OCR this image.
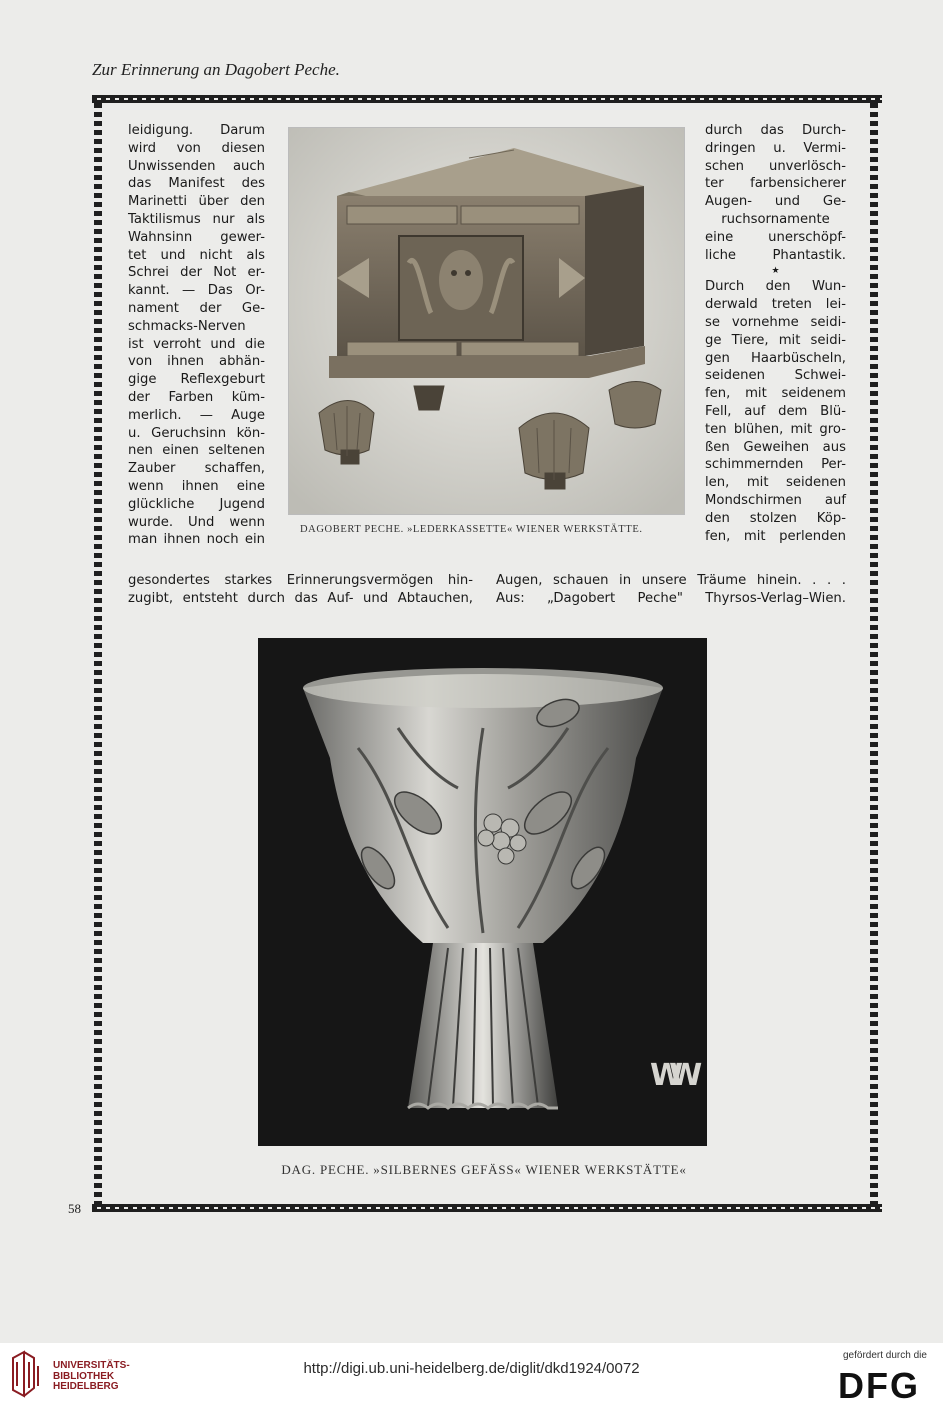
Zur Erinnerung an Dagobert Peche.
leidigung. Darum
wird von diesen
Unwissenden auch
das Manifest des
Marinetti über den
Taktilismus nur als
Wahnsinn gewer-
tet und nicht als
Schrei der Not er-
kannt. — Das Or-
nament der Ge-
schmacks-Nerven
ist verroht und die
von ihnen abhän-
gige Reflexgeburt
der Farben küm-
merlich. — Auge
u. Geruchsinn kön-
nen einen seltenen
Zauber schaffen,
wenn ihnen eine
glückliche Jugend
wurde. Und wenn
man ihnen noch ein
gesondertes starkes Erinnerungsvermögen hin-
zugibt, entsteht durch das Auf- und Abtauchen,
durch das Durch-
dringen u. Vermi-
schen unverlösch-
ter farbensicherer
Augen- und Ge-
ruchsornamente
eine unerschöpf-
liche Phantastik.
★
Durch den Wun-
derwald treten lei-
se vornehme seidi-
ge Tiere, mit seidi-
gen Haarbüscheln,
seidenen Schwei-
fen, mit seidenem
Fell, auf dem Blü-
ten blühen, mit gro-
ßen Geweihen aus
schimmernden Per-
len, mit seidenen
Mondschirmen auf
den stolzen Köp-
fen, mit perlenden
Augen, schauen in unsere Träume hinein. . . .
Aus: „Dagobert Peche" Thyrsos-Verlag–Wien.
DAGOBERT PECHE. »LEDERKASSETTE« WIENER WERKSTÄTTE.
WW
DAG. PECHE. »SILBERNES GEFÄSS« WIENER WERKSTÄTTE«
58
UNIVERSITÄTS-
BIBLIOTHEK
HEIDELBERG
http://digi.ub.uni-heidelberg.de/diglit/dkd1924/0072
gefördert durch die
DFG
